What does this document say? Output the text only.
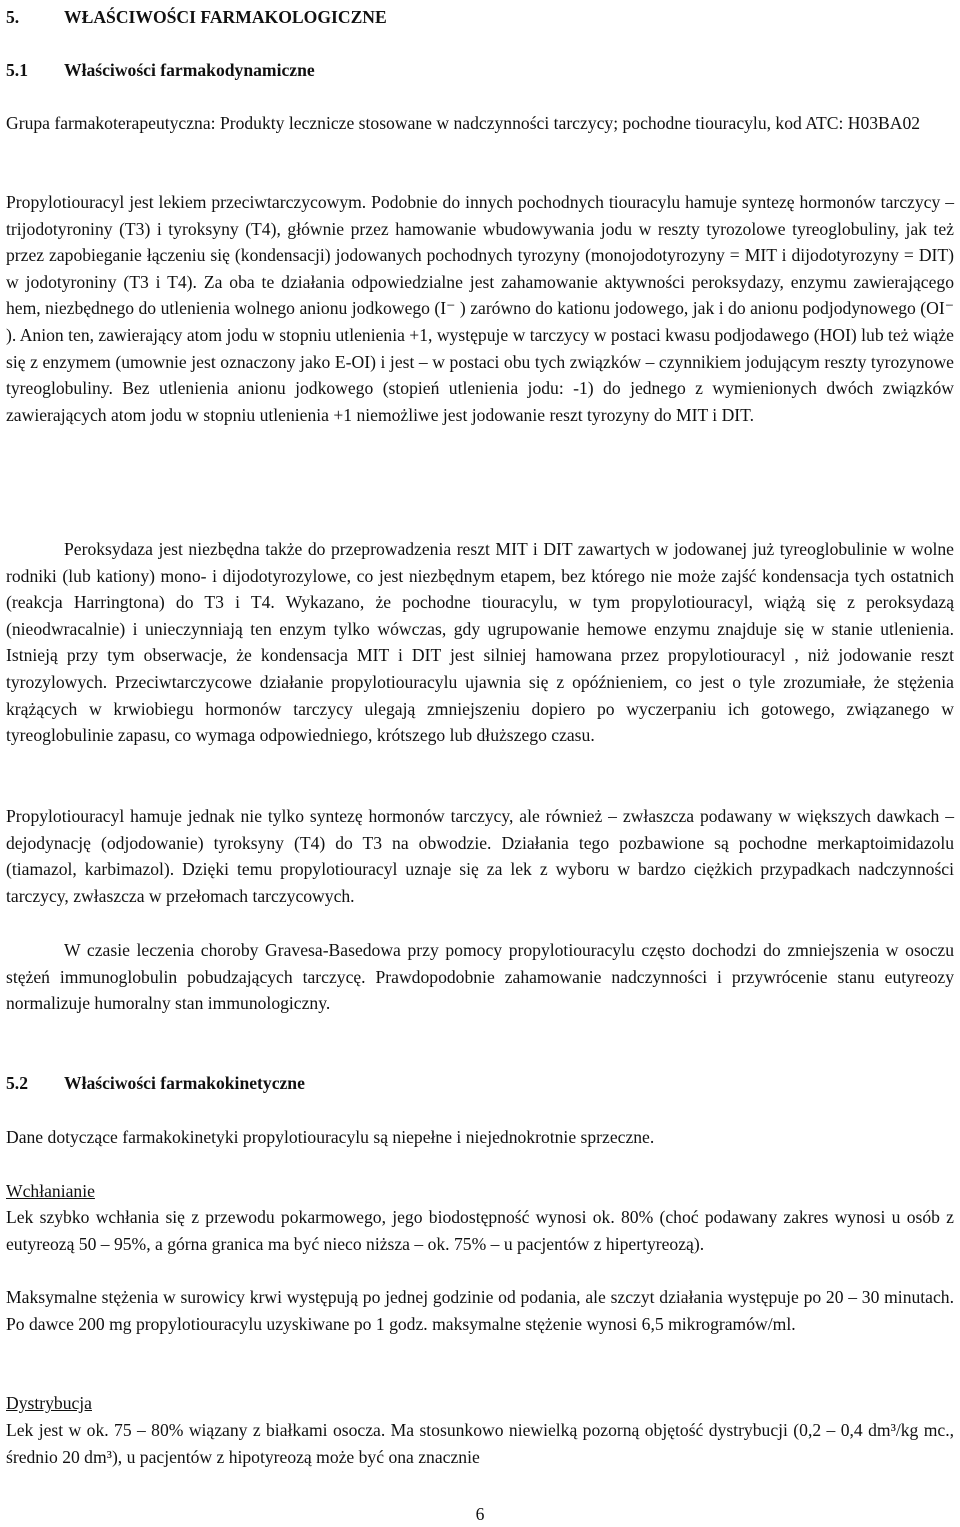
5.	WŁAŚCIWOŚCI FARMAKOLOGICZNE
5.1	Właściwości farmakodynamiczne

Grupa farmakoterapeutyczna: Produkty lecznicze stosowane w nadczynności tarczycy; pochodne tiouracylu, kod ATC: H03BA02

Propylotiouracyl jest lekiem przeciwtarczycowym. Podobnie do innych pochodnych tiouracylu hamuje syntezę hormonów tarczycy – trijodotyroniny (T3) i tyroksyny (T4), głównie przez hamowanie wbudowywania jodu w reszty tyrozolowe tyreoglobuliny, jak też przez zapobieganie łączeniu się (kondensacji) jodowanych pochodnych tyrozyny (monojodotyrozyny = MIT i dijodotyrozyny = DIT) w jodotyroniny (T3 i T4). Za oba te działania odpowiedzialne jest zahamowanie aktywności peroksydazy, enzymu zawierającego hem, niezbędnego do utlenienia wolnego anionu jodkowego (I⁻ ) zarówno do kationu jodowego, jak i do anionu podjodynowego (OI⁻ ). Anion ten, zawierający atom jodu w stopniu utlenienia +1, występuje w tarczycy w postaci kwasu podjodawego (HOI) lub też wiąże się z enzymem (umownie jest oznaczony jako E-OI) i jest – w postaci obu tych związków – czynnikiem jodującym reszty tyrozynowe tyreoglobuliny. Bez utlenienia anionu jodkowego (stopień utlenienia jodu: -1) do jednego z wymienionych dwóch związków zawierających atom jodu w stopniu utlenienia +1 niemożliwe jest jodowanie reszt tyrozyny do MIT i DIT.

Peroksydaza jest niezbędna także do przeprowadzenia reszt MIT i DIT zawartych w jodowanej już tyreoglobulinie w wolne rodniki (lub kationy) mono- i dijodotyrozylowe, co jest niezbędnym etapem, bez którego nie może zajść kondensacja tych ostatnich (reakcja Harringtona) do T3 i T4. Wykazano, że pochodne tiouracylu, w tym propylotiouracyl, wiążą się z peroksydazą (nieodwracalnie) i unieczynniają ten enzym tylko wówczas, gdy ugrupowanie hemowe enzymu znajduje się w stanie utlenienia. Istnieją przy tym obserwacje, że kondensacja MIT i DIT jest silniej hamowana przez propylotiouracyl , niż jodowanie reszt tyrozylowych. Przeciwtarczycowe działanie propylotiouracylu ujawnia się z opóźnieniem, co jest o tyle zrozumiałe, że stężenia krążących w krwiobiegu hormonów tarczycy ulegają zmniejszeniu dopiero po wyczerpaniu ich gotowego, związanego w tyreoglobulinie zapasu, co wymaga odpowiedniego, krótszego lub dłuższego czasu.

Propylotiouracyl hamuje jednak nie tylko syntezę hormonów tarczycy, ale również – zwłaszcza podawany w większych dawkach – dejodynację (odjodowanie) tyroksyny (T4) do T3 na obwodzie. Działania tego pozbawione są pochodne merkaptoimidazolu (tiamazol, karbimazol). Dzięki temu propylotiouracyl uznaje się za lek z wyboru w bardzo ciężkich przypadkach nadczynności tarczycy, zwłaszcza w przełomach tarczycowych.

W czasie leczenia choroby Gravesa-Basedowa przy pomocy propylotiouracylu często dochodzi do zmniejszenia w osoczu stężeń immunoglobulin pobudzających tarczycę. Prawdopodobnie zahamowanie nadczynności i przywrócenie stanu eutyreozy normalizuje humoralny stan immunologiczny.

5.2	Właściwości farmakokinetyczne

Dane dotyczące farmakokinetyki propylotiouracylu są niepełne i niejednokrotnie sprzeczne.

Wchłanianie

Lek szybko wchłania się z przewodu pokarmowego, jego biodostępność wynosi ok. 80% (choć podawany zakres wynosi u osób z eutyreozą 50 – 95%, a górna granica ma być nieco niższa – ok. 75% – u pacjentów z hipertyreozą).

Maksymalne stężenia w surowicy krwi występują po jednej godzinie od podania, ale szczyt działania występuje po 20 – 30 minutach. Po dawce 200 mg propylotiouracylu uzyskiwane po 1 godz. maksymalne stężenie wynosi 6,5 mikrogramów/ml.

Dystrybucja

Lek jest w ok. 75 – 80% wiązany z białkami osocza. Ma stosunkowo niewielką pozorną objętość dystrybucji (0,2 – 0,4 dm³/kg mc., średnio 20 dm³), u pacjentów z hipotyreozą może być ona znacznie

6
